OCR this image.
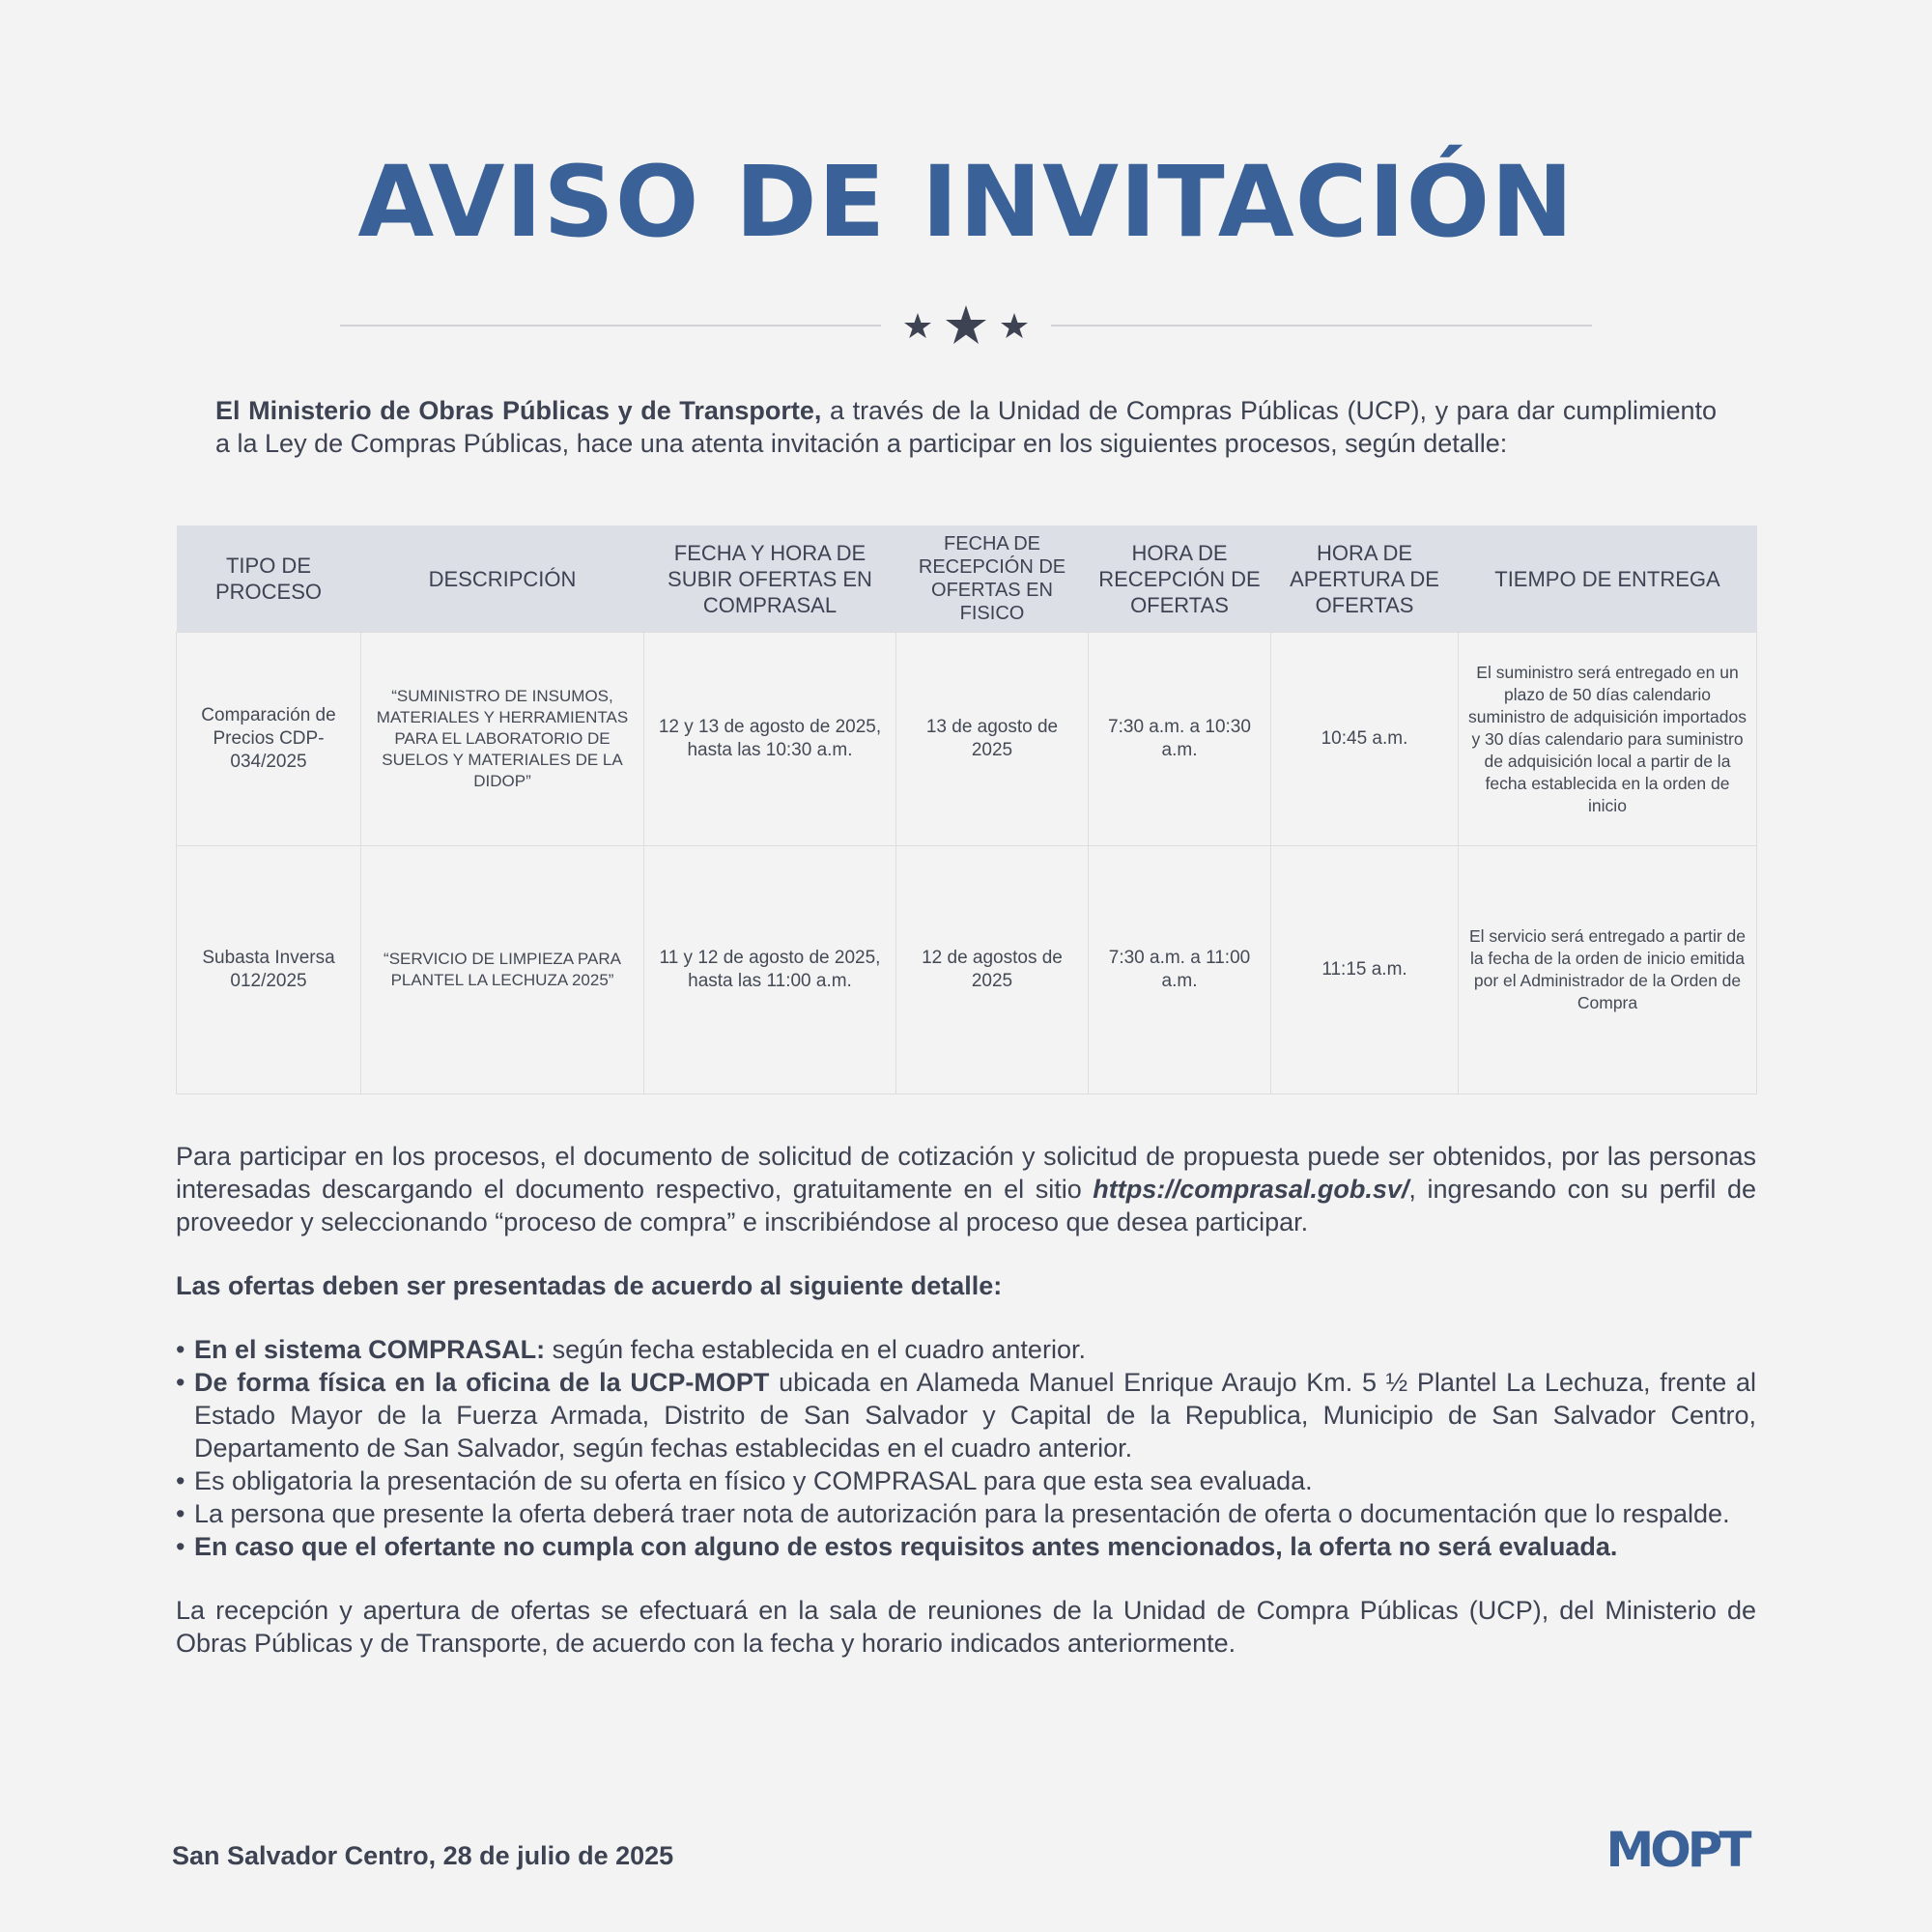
AVISO DE INVITACIÓN

El Ministerio de Obras Públicas y de Transporte, a través de la Unidad de Compras Públicas (UCP), y para dar cumplimiento a la Ley de Compras Públicas, hace una atenta invitación a participar en los siguientes procesos, según detalle:

TIPO DE PROCESO	DESCRIPCIÓN	FECHA Y HORA DE SUBIR OFERTAS EN COMPRASAL	FECHA DE RECEPCIÓN DE OFERTAS EN FISICO	HORA DE RECEPCIÓN DE OFERTAS	HORA DE APERTURA DE OFERTAS	TIEMPO DE ENTREGA
Comparación de Precios CDP-034/2025	“SUMINISTRO DE INSUMOS, MATERIALES Y HERRAMIENTAS PARA EL LABORATORIO DE SUELOS Y MATERIALES DE LA DIDOP”	12 y 13 de agosto de 2025, hasta las 10:30 a.m.	13 de agosto de 2025	7:30 a.m. a 10:30 a.m.	10:45 a.m.	El suministro será entregado en un plazo de 50 días calendario suministro de adquisición importados y 30 días calendario para suministro de adquisición local a partir de la fecha establecida en la orden de inicio
Subasta Inversa 012/2025	“SERVICIO DE LIMPIEZA PARA PLANTEL LA LECHUZA 2025”	11 y 12 de agosto de 2025, hasta las 11:00 a.m.	12 de agostos de 2025	7:30 a.m. a 11:00 a.m.	11:15 a.m.	El servicio será entregado a partir de la fecha de la orden de inicio emitida por el Administrador de la Orden de Compra

Para participar en los procesos, el documento de solicitud de cotización y solicitud de propuesta puede ser obtenidos, por las personas interesadas descargando el documento respectivo, gratuitamente en el sitio https://comprasal.gob.sv/, ingresando con su perfil de proveedor y seleccionando “proceso de compra” e inscribiéndose al proceso que desea participar.

Las ofertas deben ser presentadas de acuerdo al siguiente detalle:

• En el sistema COMPRASAL: según fecha establecida en el cuadro anterior.
• De forma física en la oficina de la UCP-MOPT ubicada en Alameda Manuel Enrique Araujo Km. 5 ½ Plantel La Lechuza, frente al Estado Mayor de la Fuerza Armada, Distrito de San Salvador y Capital de la Republica, Municipio de San Salvador Centro, Departamento de San Salvador, según fechas establecidas en el cuadro anterior.
• Es obligatoria la presentación de su oferta en físico y COMPRASAL para que esta sea evaluada.
• La persona que presente la oferta deberá traer nota de autorización para la presentación de oferta o documentación que lo respalde.
• En caso que el ofertante no cumpla con alguno de estos requisitos antes mencionados, la oferta no será evaluada.

La recepción y apertura de ofertas se efectuará en la sala de reuniones de la Unidad de Compra Públicas (UCP), del Ministerio de Obras Públicas y de Transporte, de acuerdo con la fecha y horario indicados anteriormente.

San Salvador Centro, 28 de julio de 2025	MOPT
